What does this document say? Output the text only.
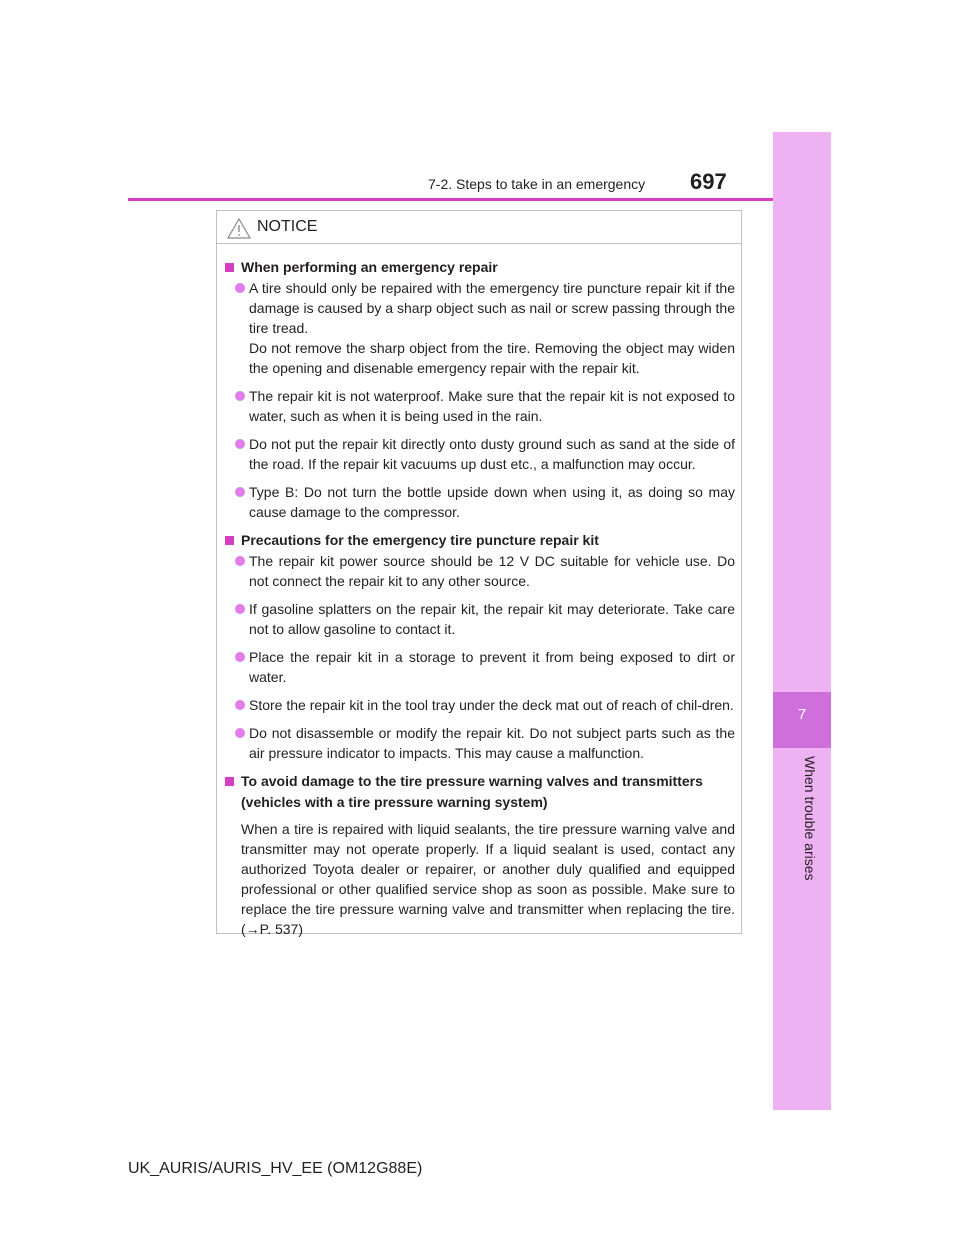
7-2. Steps to take in an emergency 697
7
When trouble arises
NOTICE
When performing an emergency repair
A tire should only be repaired with the emergency tire puncture repair kit if the damage is caused by a sharp object such as nail or screw passing through the tire tread.
Do not remove the sharp object from the tire. Removing the object may widen the opening and disenable emergency repair with the repair kit.
The repair kit is not waterproof. Make sure that the repair kit is not exposed to water, such as when it is being used in the rain.
Do not put the repair kit directly onto dusty ground such as sand at the side of the road. If the repair kit vacuums up dust etc., a malfunction may occur.
Type B: Do not turn the bottle upside down when using it, as doing so may cause damage to the compressor.
Precautions for the emergency tire puncture repair kit
The repair kit power source should be 12 V DC suitable for vehicle use. Do not connect the repair kit to any other source.
If gasoline splatters on the repair kit, the repair kit may deteriorate. Take care not to allow gasoline to contact it.
Place the repair kit in a storage to prevent it from being exposed to dirt or water.
Store the repair kit in the tool tray under the deck mat out of reach of chil-dren.
Do not disassemble or modify the repair kit. Do not subject parts such as the air pressure indicator to impacts. This may cause a malfunction.
To avoid damage to the tire pressure warning valves and transmitters
(vehicles with a tire pressure warning system)
When a tire is repaired with liquid sealants, the tire pressure warning valve and transmitter may not operate properly. If a liquid sealant is used, contact any authorized Toyota dealer or repairer, or another duly qualified and equipped professional or other qualified service shop as soon as possible. Make sure to replace the tire pressure warning valve and transmitter when replacing the tire. (→P. 537)
UK_AURIS/AURIS_HV_EE (OM12G88E)
